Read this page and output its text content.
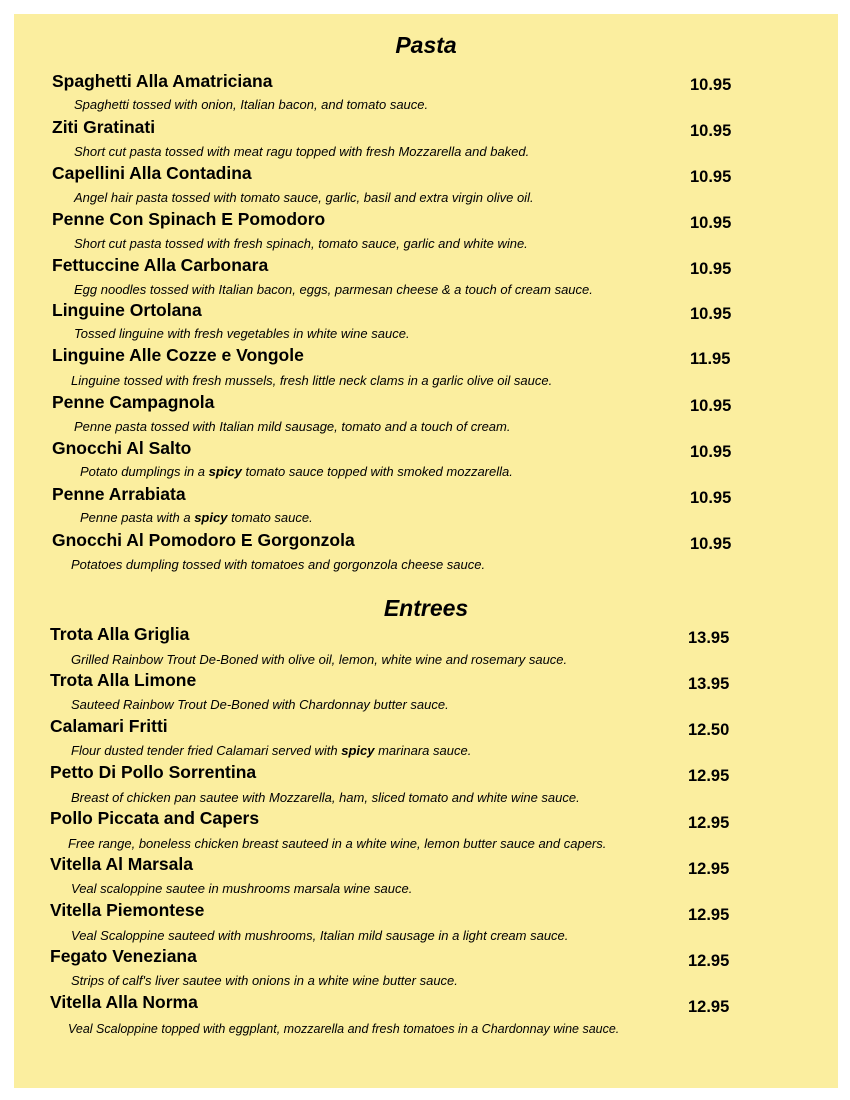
Pasta
Spaghetti Alla Amatriciana	10.95
Spaghetti tossed with onion, Italian bacon, and tomato sauce.
Ziti Gratinati	10.95
Short cut pasta tossed with meat ragu topped with fresh Mozzarella and baked.
Capellini Alla Contadina	10.95
Angel hair pasta tossed with tomato sauce, garlic, basil and extra virgin olive oil.
Penne Con Spinach E Pomodoro	10.95
Short cut pasta tossed with fresh spinach, tomato sauce, garlic and white wine.
Fettuccine Alla Carbonara	10.95
Egg noodles tossed with Italian bacon, eggs, parmesan cheese & a touch of cream sauce.
Linguine Ortolana	10.95
Tossed linguine with fresh vegetables in white wine sauce.
Linguine Alle Cozze e Vongole	11.95
Linguine tossed with fresh mussels, fresh little neck clams in a garlic olive oil sauce.
Penne Campagnola	10.95
Penne pasta tossed with Italian mild sausage, tomato and a touch of cream.
Gnocchi Al Salto	10.95
Potato dumplings in a spicy tomato sauce topped with smoked mozzarella.
Penne Arrabiata	10.95
Penne pasta with a spicy tomato sauce.
Gnocchi Al Pomodoro E Gorgonzola	10.95
Potatoes dumpling tossed with tomatoes and gorgonzola cheese sauce.
Entrees
Trota Alla Griglia	13.95
Grilled Rainbow Trout De-Boned with olive oil, lemon, white wine and rosemary sauce.
Trota Alla Limone	13.95
Sauteed Rainbow Trout De-Boned with Chardonnay butter sauce.
Calamari Fritti	12.50
Flour dusted tender fried Calamari served with spicy marinara sauce.
Petto Di Pollo Sorrentina	12.95
Breast of chicken pan sautee with Mozzarella, ham, sliced tomato and white wine sauce.
Pollo Piccata and Capers	12.95
Free range, boneless chicken breast sauteed in a white wine, lemon butter sauce and capers.
Vitella Al Marsala	12.95
Veal scaloppine sautee in mushrooms marsala wine sauce.
Vitella Piemontese	12.95
Veal Scaloppine sauteed with mushrooms, Italian mild sausage in a light cream sauce.
Fegato Veneziana	12.95
Strips of calf's liver sautee with onions in a white wine butter sauce.
Vitella Alla Norma	12.95
Veal Scaloppine topped with eggplant, mozzarella and fresh tomatoes in a Chardonnay wine sauce.
